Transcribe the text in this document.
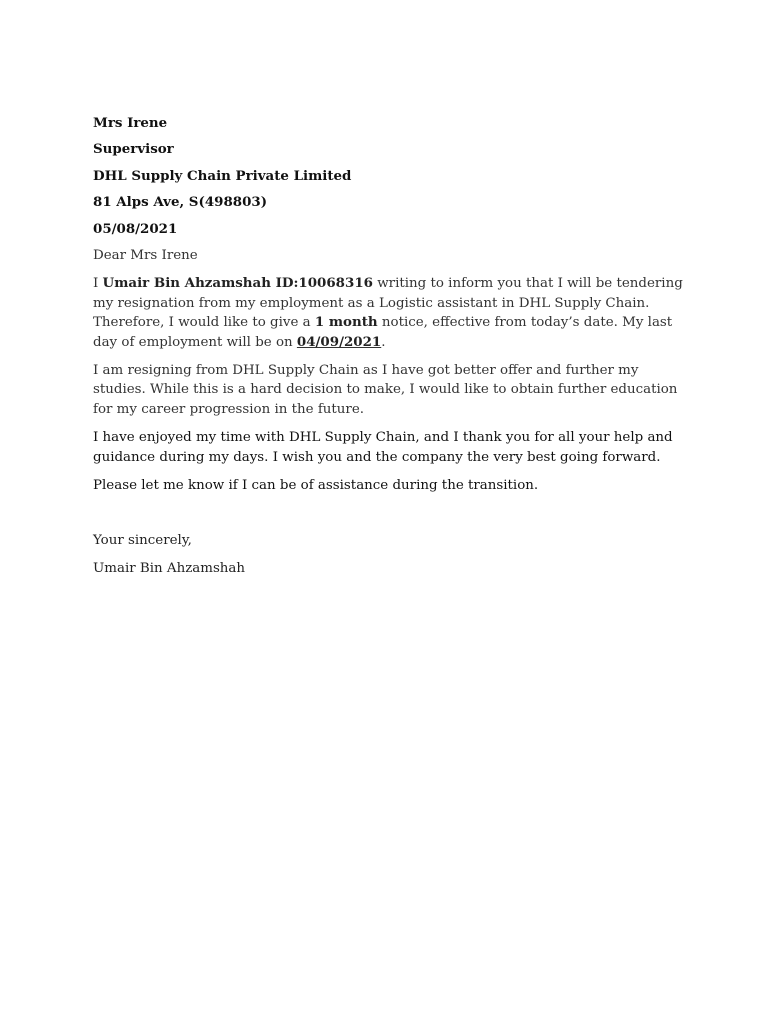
Mrs Irene
Supervisor
DHL Supply Chain Private Limited
81 Alps Ave, S(498803)
05/08/2021
Dear Mrs Irene
I Umair Bin Ahzamshah ID:10068316 writing to inform you that I will be tendering my resignation from my employment as a Logistic assistant in DHL Supply Chain. Therefore, I would like to give a 1 month notice, effective from today’s date. My last day of employment will be on 04/09/2021.
I am resigning from DHL Supply Chain as I have got better offer and further my studies. While this is a hard decision to make, I would like to obtain further education for my career progression in the future.
I have enjoyed my time with DHL Supply Chain, and I thank you for all your help and guidance during my days. I wish you and the company the very best going forward.
Please let me know if I can be of assistance during the transition.
Your sincerely,
Umair Bin Ahzamshah
